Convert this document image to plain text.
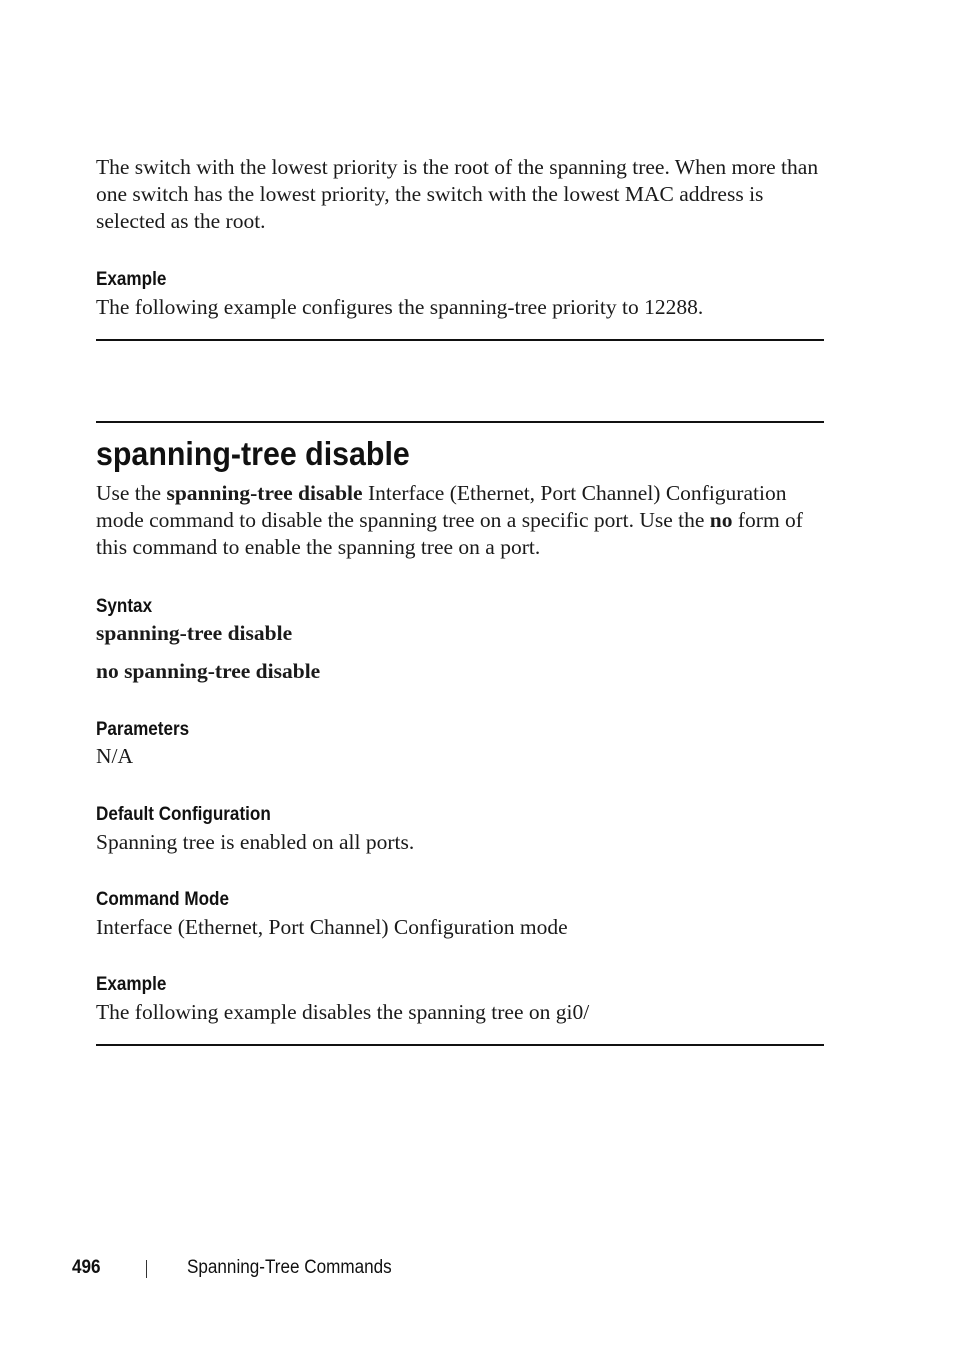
The switch with the lowest priority is the root of the spanning tree. When more than one switch has the lowest priority, the switch with the lowest MAC address is selected as the root.
Example
The following example configures the spanning-tree priority to 12288.
spanning-tree disable
Use the spanning-tree disable Interface (Ethernet, Port Channel) Configuration mode command to disable the spanning tree on a specific port. Use the no form of this command to enable the spanning tree on a port.
Syntax
spanning-tree disable
no spanning-tree disable
Parameters
N/A
Default Configuration
Spanning tree is enabled on all ports.
Command Mode
Interface (Ethernet, Port Channel) Configuration mode
Example
The following example disables the spanning tree on gi0/
496	Spanning-Tree Commands
